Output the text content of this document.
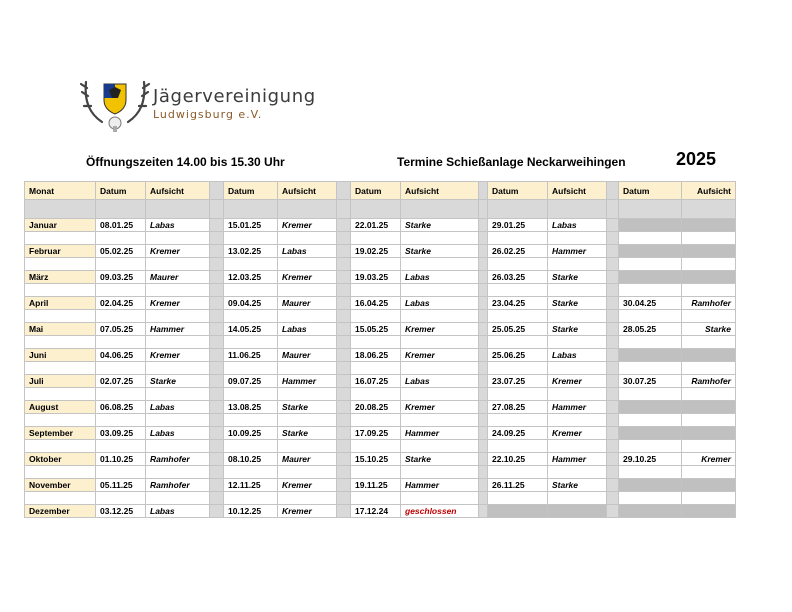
Jägervereinigung
Ludwigsburg e.V.
Öffnungszeiten 14.00 bis 15.30 Uhr	Termine Schießanlage Neckarweihingen	2025
Monat	Datum	Aufsicht		Datum	Aufsicht		Datum	Aufsicht		Datum	Aufsicht		Datum	Aufsicht

Januar	08.01.25	Labas		15.01.25	Kremer		22.01.25	Starke		29.01.25	Labas			

Februar	05.02.25	Kremer		13.02.25	Labas		19.02.25	Starke		26.02.25	Hammer			

März	09.03.25	Maurer		12.03.25	Kremer		19.03.25	Labas		26.03.25	Starke			

April	02.04.25	Kremer		09.04.25	Maurer		16.04.25	Labas		23.04.25	Starke		30.04.25	Ramhofer

Mai	07.05.25	Hammer		14.05.25	Labas		15.05.25	Kremer		25.05.25	Starke		28.05.25	Starke

Juni	04.06.25	Kremer		11.06.25	Maurer		18.06.25	Kremer		25.06.25	Labas			

Juli	02.07.25	Starke		09.07.25	Hammer		16.07.25	Labas		23.07.25	Kremer		30.07.25	Ramhofer

August	06.08.25	Labas		13.08.25	Starke		20.08.25	Kremer		27.08.25	Hammer			

September	03.09.25	Labas		10.09.25	Starke		17.09.25	Hammer		24.09.25	Kremer			

Oktober	01.10.25	Ramhofer		08.10.25	Maurer		15.10.25	Starke		22.10.25	Hammer		29.10.25	Kremer

November	05.11.25	Ramhofer		12.11.25	Kremer		19.11.25	Hammer		26.11.25	Starke			

Dezember	03.12.25	Labas		10.12.25	Kremer		17.12.24	geschlossen						
